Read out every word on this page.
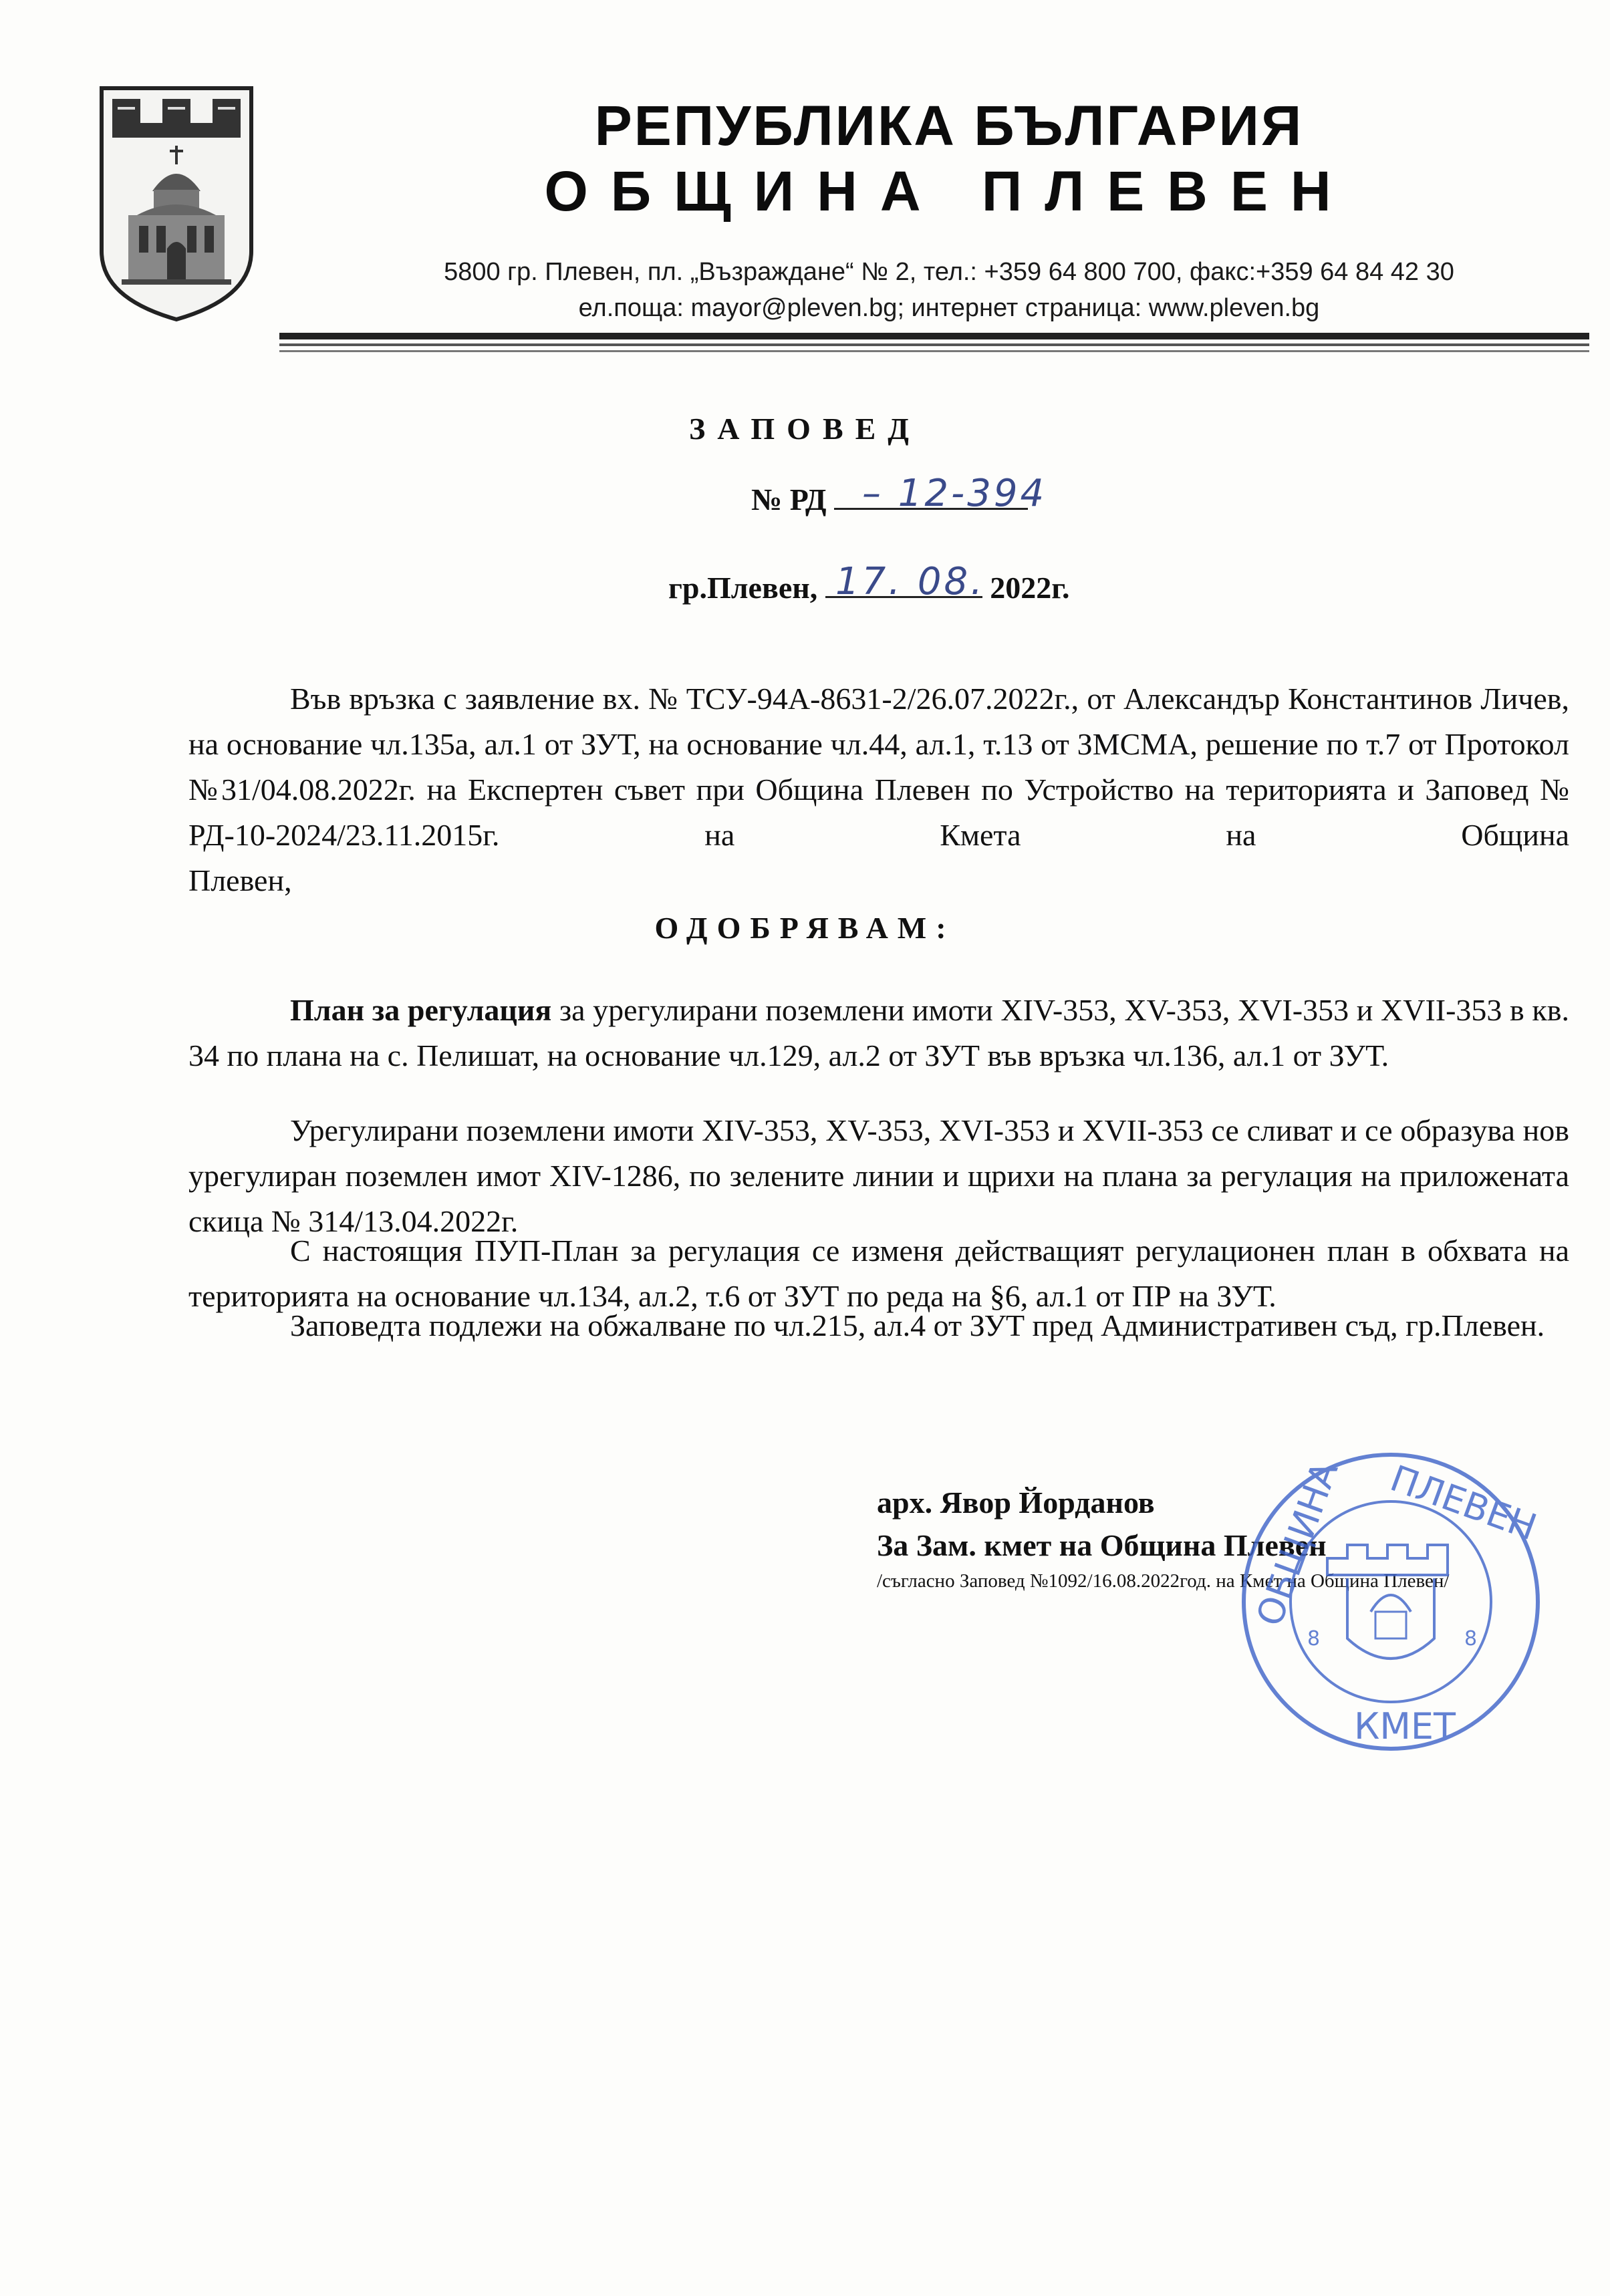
РЕПУБЛИКА БЪЛГАРИЯ
ОБЩИНА ПЛЕВЕН
5800 гр. Плевен, пл. „Възраждане“ № 2, тел.: +359 64 800 700, факс:+359 64 84 42 30
ел.поща: mayor@pleven.bg; интернет страница: www.pleven.bg
ЗАПОВЕД
№ РД – 12-394
гр.Плевен,	2022г.
17. 08.
Във връзка с заявление вх. № ТСУ-94А-8631-2/26.07.2022г., от Александър Константинов Личев, на основание чл.135а, ал.1 от ЗУТ, на основание чл.44, ал.1, т.13 от ЗМСМА, решение по т.7 от Протокол №31/04.08.2022г. на Експертен съвет при Община Плевен по Устройство на територията и Заповед № РД-10-2024/23.11.2015г. на Кмета на Община
Плевен,
ОДОБРЯВАМ:
План за регулация за урегулирани поземлени имоти XIV-353, XV-353, XVI-353 и XVII-353 в кв. 34 по плана на с. Пелишат, на основание чл.129, ал.2 от ЗУТ във връзка чл.136, ал.1 от ЗУТ.
Урегулирани поземлени имоти XIV-353, XV-353, XVI-353 и XVII-353 се сливат и се образува нов урегулиран поземлен имот XIV-1286, по зелените линии и щрихи на плана за регулация на приложената скица № 314/13.04.2022г.
С настоящия ПУП-План за регулация се изменя действащият регулационен план в обхвата на територията на основание чл.134, ал.2, т.6 от ЗУТ по реда на §6, ал.1 от ПР на ЗУТ.
Заповедта подлежи на обжалване по чл.215, ал.4 от ЗУТ пред Административен съд, гр.Плевен.
арх. Явор Йорданов
За Зам. кмет на Община Плевен
/съгласно Заповед №1092/16.08.2022год. на Кмет на Община Плевен/
8	8
ПЛЕВЕН
ОБЩИНА
КМЕТ
